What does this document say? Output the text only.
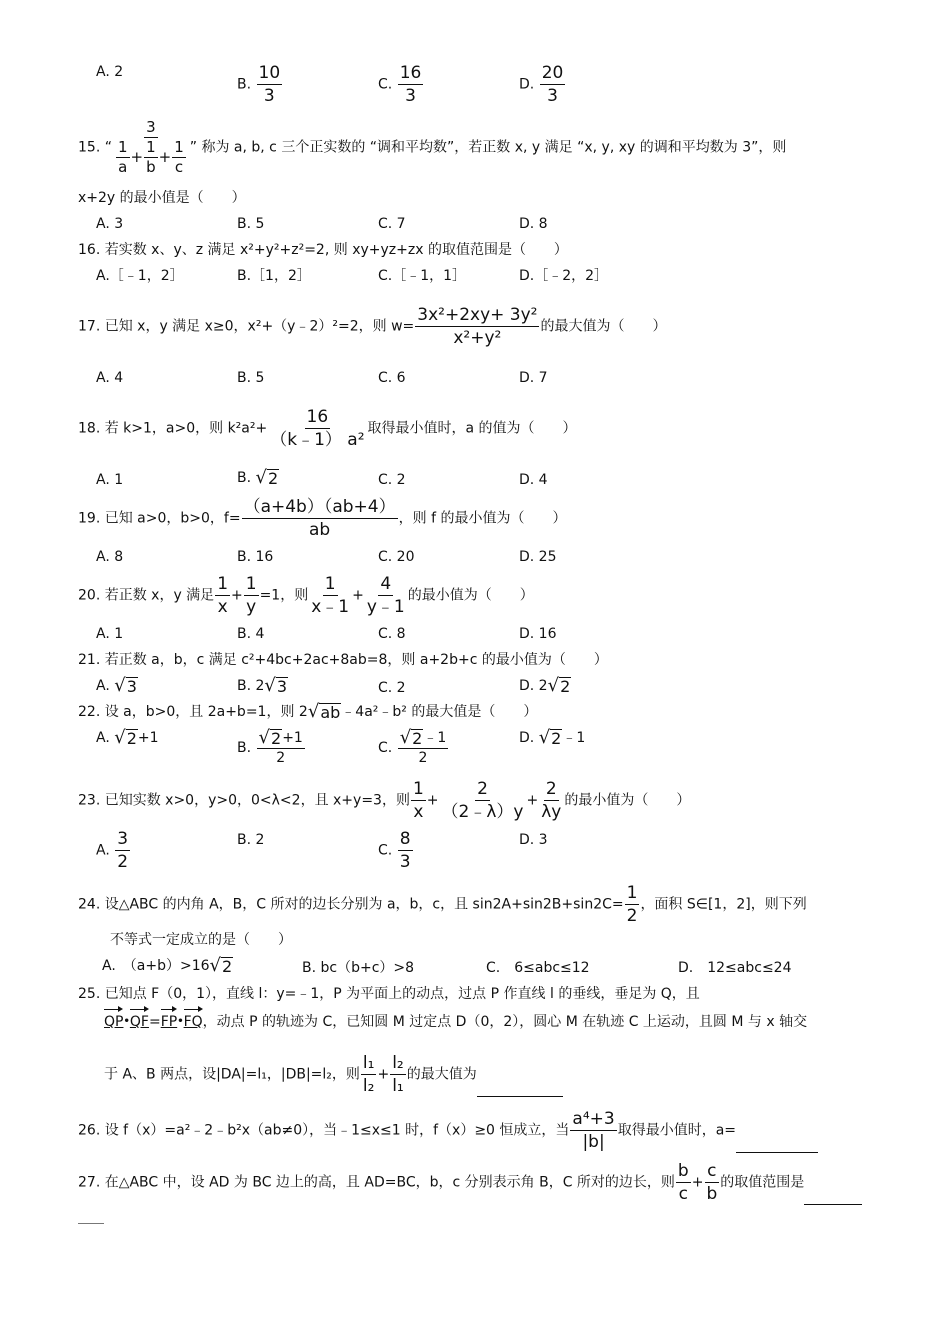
A. 2
B. $\frac{10}{3}$	C. $\frac{16}{3}$	D. $\frac{20}{3}$
15. “ $\frac{3}{\frac{1}{a} + \frac{1}{b} + \frac{1}{c}}$ ” 称为 a, b, c 三个正实数的 “调和平均数”，若正数 x, y 满足 “x, y, xy 的调和平均数为 3”，则
x+2y 的最小值是（　　）
A. 3	B. 5	C. 7	D. 8
16. 若实数 x、y、z 满足 x²+y²+z²=2, 则 xy+yz+zx 的取值范围是（　　）
A.［﹣1，2］	B.［1，2］	C.［﹣1，1］	D.［﹣2，2］
17. 已知 x，y 满足 x≥0，x²+（y﹣2）²=2，则 $w= \frac{\text{3x²+2xy+ 3y²}}{\text{x²+y²}}$ 的最大值为（　　）
A. 4	B. 5	C. 6	D. 7
18. 若 k>1，a>0，则 $k^2a^2+ \frac{16}{\text{（k﹣1） a²}}$ 取得最小值时，a 的值为（　　）
A. 1	B. √ 2	C. 2	D. 4
19. 已知 a>0，b>0，$f= \frac{(a+4b)(ab+4)}{ab}$ ，则 f 的最小值为（　　）
A. 8	B. 16	C. 20	D. 25
20. 若正数 x，y 满足 $\frac{1}{x} + \frac{1}{y} =1$，则 $\frac{1}{x﹣1} + \frac{4}{y﹣1}$ 的最小值为（　　）
A. 1	B. 4	C. 8	D. 16
21. 若正数 a，b，c 满足 c²+4bc+2ac+8ab=8，则 a+2b+c 的最小值为（　　）
A. √ 3	B. 2 √ 3	C. 2	D. 2 √ 2
22. 设 a，b>0，且 2a+b=1，则 2 √ ab ﹣4a²﹣b² 的最大值是（　　）
A. √ 2 +1
B. $\frac{√ 2 +1}{2}$	C. $\frac{√ 2 ﹣1}{2}$	D. √ 2 ﹣1
23. 已知实数 x>0，y>0，0<λ<2，且 x+y=3，则 $\frac{1}{x} + \frac{2}{(2﹣\lambda)y} + \frac{2}{\lambda y}$ 的最小值为（　　）
A. $\frac{3}{2}$	B. 2
C. $\frac{8}{3}$	D. 3
24. 设△ABC 的内角 A，B，C 所对的边长分别为 a，b，c，且 $\sin 2A+\sin 2B+\sin 2C= \frac{1}{2}$ ，面积 S∈[1，2]，则下列
不等式一定成立的是（　　）
A.　（a+b）>16 √ 2	B. bc（b+c）>8	C.　6≤abc≤12	D.　12≤abc≤24
25. 已知点 F（0，1），直线 l：y=﹣1，P 为平面上的动点，过点 P 作直线 l 的垂线，垂足为 Q，且
QP•QF=FP•FQ，动点 P 的轨迹为 C，已知圆 M 过定点 D（0，2），圆心 M 在轨迹 C 上运动，且圆 M 与 x 轴交
于 A、B 两点，设|DA|=l₁，|DB|=l₂，则 $\frac{\text{l₁}}{\text{l₂}} + \frac{\text{l₂}}{\text{l₁}}$ 的最大值为
26. 设 f（x）=a²﹣2﹣b²x（ab≠0），当﹣1≤x≤1 时，f（x）≥0 恒成立，当 $\frac{\text{a⁴+3}}{|b|}$ 取得最小值时，a=
27. 在△ABC 中，设 AD 为 BC 边上的高，且 AD=BC，b，c 分别表示角 B，C 所对的边长，则 $\frac{b}{c} + \frac{c}{b}$ 的取值范围是
